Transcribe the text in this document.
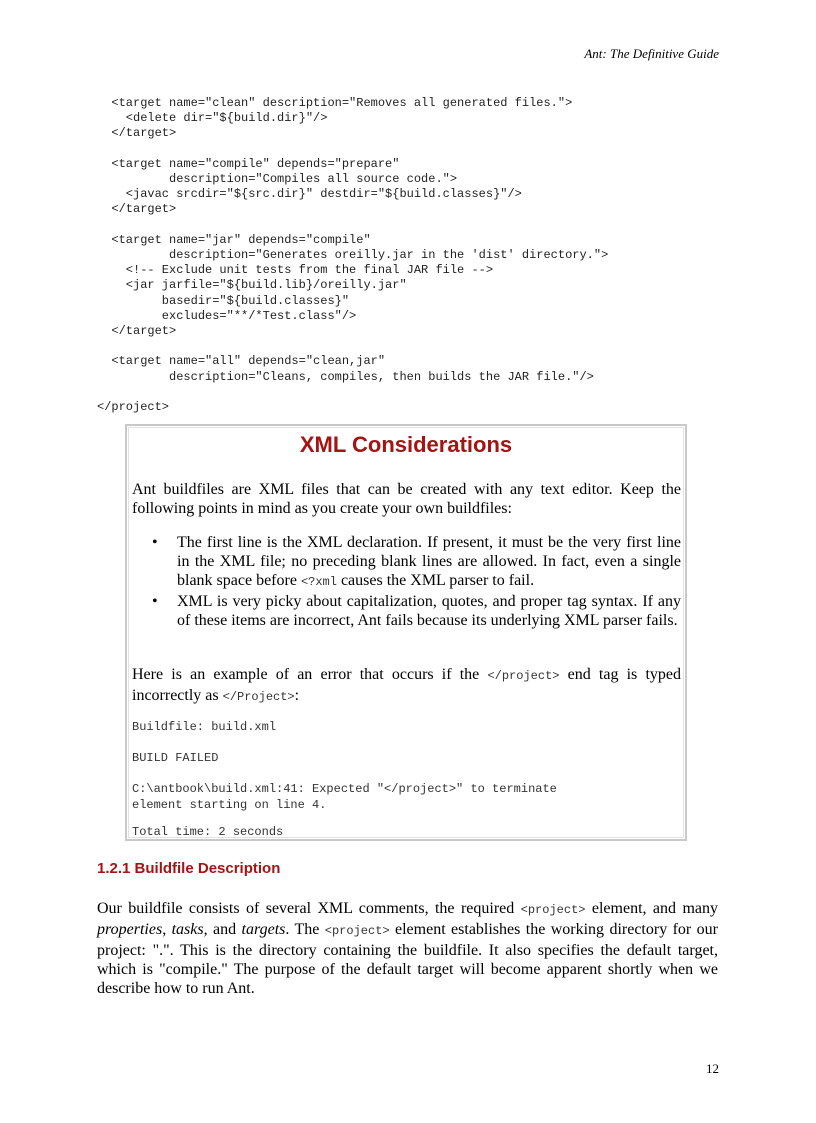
Ant: The Definitive Guide
<target name="clean" description="Removes all generated files.">
<delete dir="${build.dir}"/>
</target>

<target name="compile" depends="prepare"
description="Compiles all source code.">
<javac srcdir="${src.dir}" destdir="${build.classes}"/>
</target>

<target name="jar" depends="compile"
description="Generates oreilly.jar in the 'dist' directory.">
<!-- Exclude unit tests from the final JAR file -->
<jar jarfile="${build.lib}/oreilly.jar"
basedir="${build.classes}"
excludes="**/*Test.class"/>
</target>

<target name="all" depends="clean,jar"
description="Cleans, compiles, then builds the JAR file."/>

</project>

XML Considerations
Ant buildfiles are XML files that can be created with any text editor. Keep the following points in mind as you create your own buildfiles:
• The first line is the XML declaration. If present, it must be the very first line in the XML file; no preceding blank lines are allowed. In fact, even a single blank space before <?xml causes the XML parser to fail.
• XML is very picky about capitalization, quotes, and proper tag syntax. If any of these items are incorrect, Ant fails because its underlying XML parser fails.
Here is an example of an error that occurs if the </project> end tag is typed incorrectly as </Project>:
Buildfile: build.xml
BUILD FAILED
C:\antbook\build.xml:41: Expected "</project>" to terminate
element starting on line 4.
Total time: 2 seconds
1.2.1 Buildfile Description
Our buildfile consists of several XML comments, the required <project> element, and many properties, tasks, and targets. The <project> element establishes the working directory for our project: ".". This is the directory containing the buildfile. It also specifies the default target, which is "compile." The purpose of the default target will become apparent shortly when we describe how to run Ant.
12
